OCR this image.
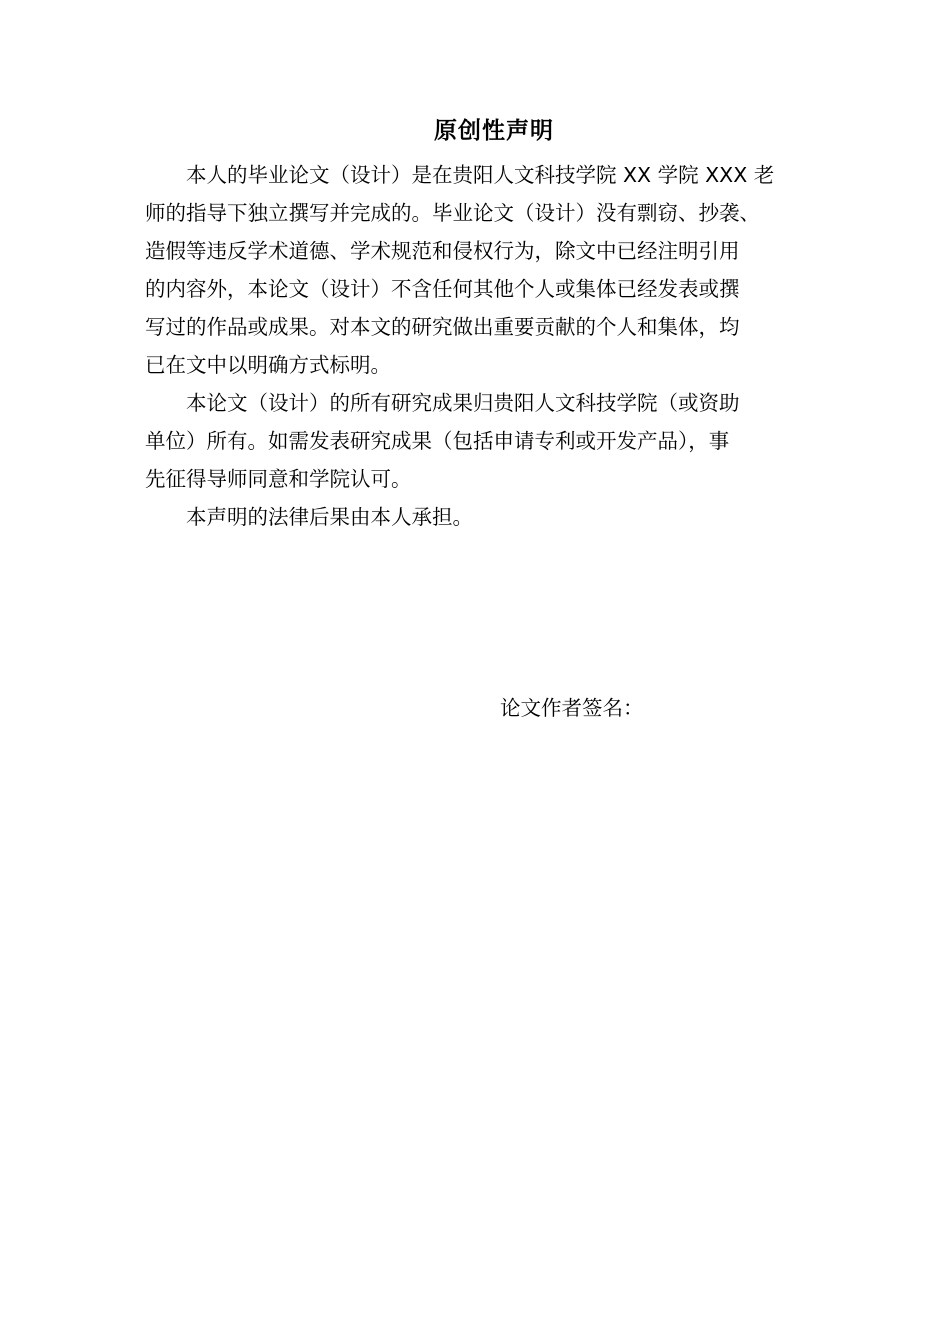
原创性声明

本人的毕业论文（设计）是在贵阳人文科技学院 XX 学院 XXX 老
师的指导下独立撰写并完成的。毕业论文（设计）没有剽窃、抄袭、
造假等违反学术道德、学术规范和侵权行为，除文中已经注明引用
的内容外，本论文（设计）不含任何其他个人或集体已经发表或撰
写过的作品或成果。对本文的研究做出重要贡献的个人和集体，均
已在文中以明确方式标明。

本论文（设计）的所有研究成果归贵阳人文科技学院（或资助
单位）所有。如需发表研究成果（包括申请专利或开发产品），事
先征得导师同意和学院认可。

本声明的法律后果由本人承担。

论文作者签名：
